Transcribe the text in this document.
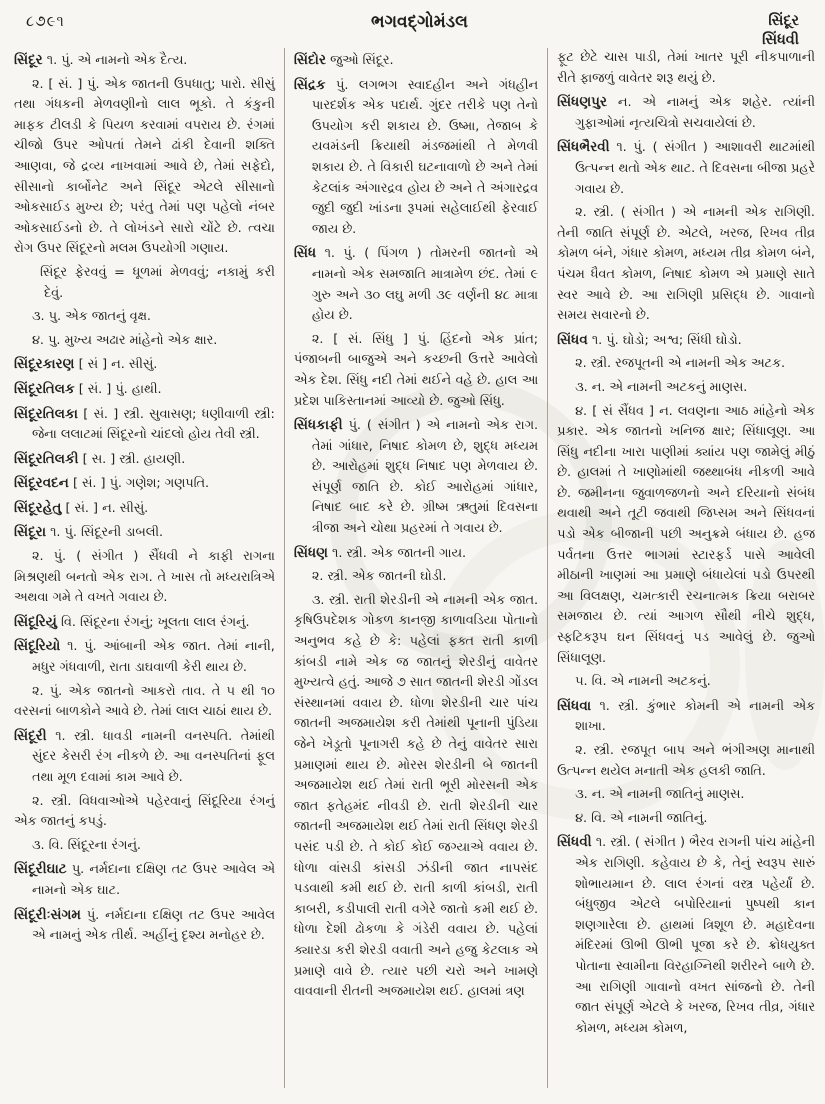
૮૭૯૧	ભગવદ્ગોમંડલ	સિંદૂર
સિંધવી

સિંદૂર ૧. પું. એ નામનો એક દૈત્ય.

૨. [ સં. ] પું. એક જાતની ઉપધાતુ; પારો. સીસું તથા ગંધકની મેળવણીનો લાલ ભૂકો. તે કંકુની માફક ટીલડી કે પિયળ કરવામાં વપરાય છે. રંગમાં ચીજો ઉપર ઓપતાં તેમને ઢાંકી દેવાની શક્તિ આણવા, જે દ્રવ્ય નાખવામાં આવે છે, તેમાં સફેદો, સીસાનો કાર્બોનેટ અને સિંદૂર એટલે સીસાનો ઓકસાઈડ મુખ્ય છે; પરંતુ તેમાં પણ પહેલો નંબર ઓકસાઈડનો છે. તે લોખંડને સારો ચોંટે છે. ત્વચા રોગ ઉપર સિંદૂરનો મલમ ઉપયોગી ગણાય.

સિંદૂર ફેરવવું = ધૂળમાં મેળવવું; નકામું કરી દેવું.

૩. પુ. એક જાતનું વૃક્ષ.

૪. પુ. મુખ્ય અઢાર માંહેનો એક ક્ષાર.

સિંદૂરકારણ [ સં ] ન. સીસું.

સિંદૂરતિલક [ સં. ] પું. હાથી.

સિંદૂરતિલકા [ સં. ] સ્ત્રી. સુવાસણ; ધણીવાળી સ્ત્રી: જેના લલાટમાં સિંદૂરનો ચાંદલો હોય તેવી સ્ત્રી.

સિંદૂરતિલકી [ સ. ] સ્ત્રી. હાયણી.

સિંદૂરવદન [ સં. ] પું. ગણેશ; ગણપતિ.

સિંદૂરહેતુ [ સં. ] ન. સીસું.

સિંદૂરા ૧. પું. સિંદૂરની ડાબલી.

૨. પું. ( સંગીત ) સૈંધવી ને કાફી રાગના મિશ્રણથી બનતો એક રાગ. તે ખાસ તો મધ્યરાત્રિએ અથવા ગમે તે વખતે ગવાય છે.

સિંદૂરિયું વિ. સિંદૂરના રંગનું; ખૂલતા લાલ રંગનું.

સિંદૂરિયો ૧. પું. આંબાની એક જાત. તેમાં નાની, મધુર ગંધવાળી, રાતા ડાઘવાળી કેરી થાય છે.

૨. પું. એક જાતનો આકરો તાવ. તે ૫ થી ૧૦ વરસનાં બાળકોને આવે છે. તેમાં લાલ ચાઠાં થાય છે.

સિંદૂરી ૧. સ્ત્રી. ધાવડી નામની વનસ્પતિ. તેમાંથી સુંદર કેસરી રંગ નીકળે છે. આ વનસ્પતિનાં ફૂલ તથા મૂળ દવામાં કામ આવે છે.

૨. સ્ત્રી. વિધવાઓએ પહેરવાનું સિંદૂરિયા રંગનું એક જાતનું કપડું.

૩. વિ. સિંદૂરના રંગનું.

સિંદૂરીઘાટ પુ. નર્મદાના દક્ષિણ તટ ઉપર આવેલ એ નામનો એક ઘાટ.

સિંદૂરીઃસંગમ પું. નર્મદાના દક્ષિણ તટ ઉપર આવેલ એ નામનું એક તીર્થ. અહીંનું દૃશ્ય મનોહર છે.

સિંદોર જુઓ સિંદૂર.

સિંદ્રક પું. લગભગ સ્વાદહીન અને ગંધહીન પારદર્શક એક પદાર્થ. ગુંદર તરીકે પણ તેનો ઉપયોગ કરી શકાય છે. ઉષ્મા, તેજાબ કે યવમંડની ક્રિયાથી મંડજમાંથી તે મેળવી શકાય છે. તે વિકારી ઘટનાવાળો છે અને તેમાં કેટલાંક અંગારદ્રવ હોય છે અને તે અંગારદ્રવ જુદી જુદી ખાંડના રૂપમાં સહેલાઈથી ફેરવાઈ જાય છે.

સિંધ ૧. પું. ( પિંગળ ) તોમરની જાતનો એ નામનો એક સમજાતિ માત્રામેળ છંદ. તેમાં ૯ ગુરુ અને ૩૦ લઘુ મળી ૩૯ વર્ણની ૪૮ માત્રા હોય છે.

૨. [ સં. સિંધુ ] પું. હિંદનો એક પ્રાંત; પંજાબની બાજુએ અને કચ્છની ઉત્તરે આવેલો એક દેશ. સિંધુ નદી તેમાં થઈને વહે છે. હાલ આ પ્રદેશ પાકિસ્તાનમાં આવ્યો છે. જુઓ સિંધુ.

સિંધકાફી પું. ( સંગીત ) એ નામનો એક રાગ. તેમાં ગાંધાર, નિષાદ કોમળ છે, શુદ્ધ મધ્યમ છે. આરોહમાં શુદ્ધ નિષાદ પણ મેળવાય છે. સંપૂર્ણ જાતિ છે. કોઈ આરોહમાં ગાંધાર, નિષાદ બાદ કરે છે. ગ્રીષ્મ ઋતુમાં દિવસના ત્રીજા અને ચોથા પ્રહરમાં તે ગવાય છે.

સિંધણ ૧. સ્ત્રી. એક જાતની ગાય.

૨. સ્ત્રી. એક જાતની ઘોડી.

૩. સ્ત્રી. રાતી શેરડીની એ નામની એક જાત. કૃષિઉપદેશક ગોકળ કાનજી કાળાવડિયા પોતાનો અનુભવ કહે છે કે: પહેલાં ફક્ત રાતી કાળી કાંબડી નામે એક જ જાતનું શેરડીનું વાવેતર મુખ્યત્વે હતું. આજે ૭ સાત જાતની શેરડી ગોંડલ સંસ્થાનમાં વવાય છે. ધોળા શેરડીની ચાર પાંચ જાતની અજમાયેશ કરી તેમાંથી પૂનાની પુંડિયા જેને ખેડૂતો પૂનાગરી કહે છે તેનું વાવેતર સારા પ્રમાણમાં થાય છે. મોરસ શેરડીની બે જાતની અજમાયેશ થઈ તેમાં રાતી ભૂરી મોરસની એક જાત ફતેહમંદ નીવડી છે. રાતી શેરડીની ચાર જાતની અજમાયેશ થઈ તેમાં રાતી સિંધણ શેરડી પસંદ પડી છે. તે કોઈ કોઈ જગ્યાએ વવાય છે. ધોળા વાંસડી કાંસડી ઝંડીની જાત નાપસંદ પડવાથી કમી થઈ છે. રાતી કાળી કાંબડી, રાતી કાબરી, કડીપાલી રાતી વગેરે જાતો કમી થઈ છે. ધોળા દેશી ઢોકળા કે ગંડેરી વવાય છે. પહેલાં ક્યારડા કરી શેરડી વવાતી અને હજુ કેટલાક એ પ્રમાણે વાવે છે. ત્યાર પછી ચરો અને ખામણે વાવવાની રીતની અજમાયેશ થઈ. હાલમાં ત્રણ

ફૂટ છેટે ચાસ પાડી, તેમાં ખાતર પૂરી નીકપાળાની રીતે ફાજળું વાવેતર શરૂ થયું છે.

સિંધણપુર ન. એ નામનું એક શહેર. ત્યાંની ગુફાઓમાં નૃત્યચિત્રો સચવાયેલાં છે.

સિંધભૈરવી ૧. પું. ( સંગીત ) આશાવરી થાટમાંથી ઉત્પન્ન થતો એક થાટ. તે દિવસના બીજા પ્રહરે ગવાય છે.

૨. સ્ત્રી. ( સંગીત ) એ નામની એક રાગિણી. તેની જાતિ સંપૂર્ણ છે. એટલે, ખરજ, રિખવ તીવ્ર કોમળ બંને, ગંધાર કોમળ, મધ્યમ તીવ્ર કોમળ બંને, પંચમ ધૈવત કોમળ, નિષાદ કોમળ એ પ્રમાણે સાતે સ્વર આવે છે. આ રાગિણી પ્રસિદ્ધ છે. ગાવાનો સમય સવારનો છે.

સિંધવ ૧. પું. ઘોડો; અશ્વ; સિંધી ઘોડો.

૨. સ્ત્રી. રજપૂતની એ નામની એક અટક.

૩. ન. એ નામની અટકનું માણસ.

૪. [ સં સૈંધવ ] ન. લવણના આઠ માંહેનો એક પ્રકાર. એક જાતનો ખનિજ ક્ષાર; સિંધાલૂણ. આ સિંધુ નદીના ખારા પાણીમાં ક્યાંય પણ જામેલું મીઠું છે. હાલમાં તે ખાણોમાંથી જથ્થાબંધ નીકળી આવે છે. જમીનના જુવાળજળનો અને દરિયાનો સંબંધ થવાથી અને તૂટી જવાથી જિપ્સમ અને સિંધવનાં પડો એક બીજાની પછી અનુક્રમે બંધાય છે. હજ પર્વતના ઉત્તર ભાગમાં સ્ટારફર્ડ પાસે આવેલી મીઠાની ખાણમાં આ પ્રમાણે બંધાયેલાં પડો ઉપરથી આ વિલક્ષણ, ચમત્કારી રચનાત્મક ક્રિયા બરાબર સમજાય છે. ત્યાં આગળ સૌથી નીચે શુદ્ધ, સ્ફટિકરૂપ ઘન સિંધવનું પડ આવેલું છે. જુઓ સિંધાલૂણ.

૫. વિ. એ નામની અટકનું.

સિંધવા ૧. સ્ત્રી. કુંભાર કોમની એ નામની એક શાખા.

૨. સ્ત્રી. રજપૂત બાપ અને ભંગીઅણ માનાથી ઉત્પન્ન થયેલ મનાતી એક હલકી જાતિ.

૩. ન. એ નામની જાતિનું માણસ.

૪. વિ. એ નામની જાતિનું.

સિંધવી ૧. સ્ત્રી. ( સંગીત ) ભૈરવ રાગની પાંચ માંહેની એક રાગિણી. કહેવાય છે કે, તેનું સ્વરૂપ સારું શોભાયમાન છે. લાલ રંગનાં વસ્ત્ર પહેર્યાં છે. બંધુજીવ એટલે બપોરિયાનાં પુષ્પથી કાન શણગારેલા છે. હાથમાં ત્રિશૂળ છે. મહાદેવના મંદિરમાં ઊભી ઊભી પૂજા કરે છે. ક્રોધયુક્ત પોતાના સ્વામીના વિરહાગ્નિથી શરીરને બાળે છે. આ રાગિણી ગાવાનો વખત સાંજનો છે. તેની જાત સંપૂર્ણ એટલે કે ખરજ, રિખવ તીવ્ર, ગંધાર કોમળ, મધ્યમ કોમળ,
